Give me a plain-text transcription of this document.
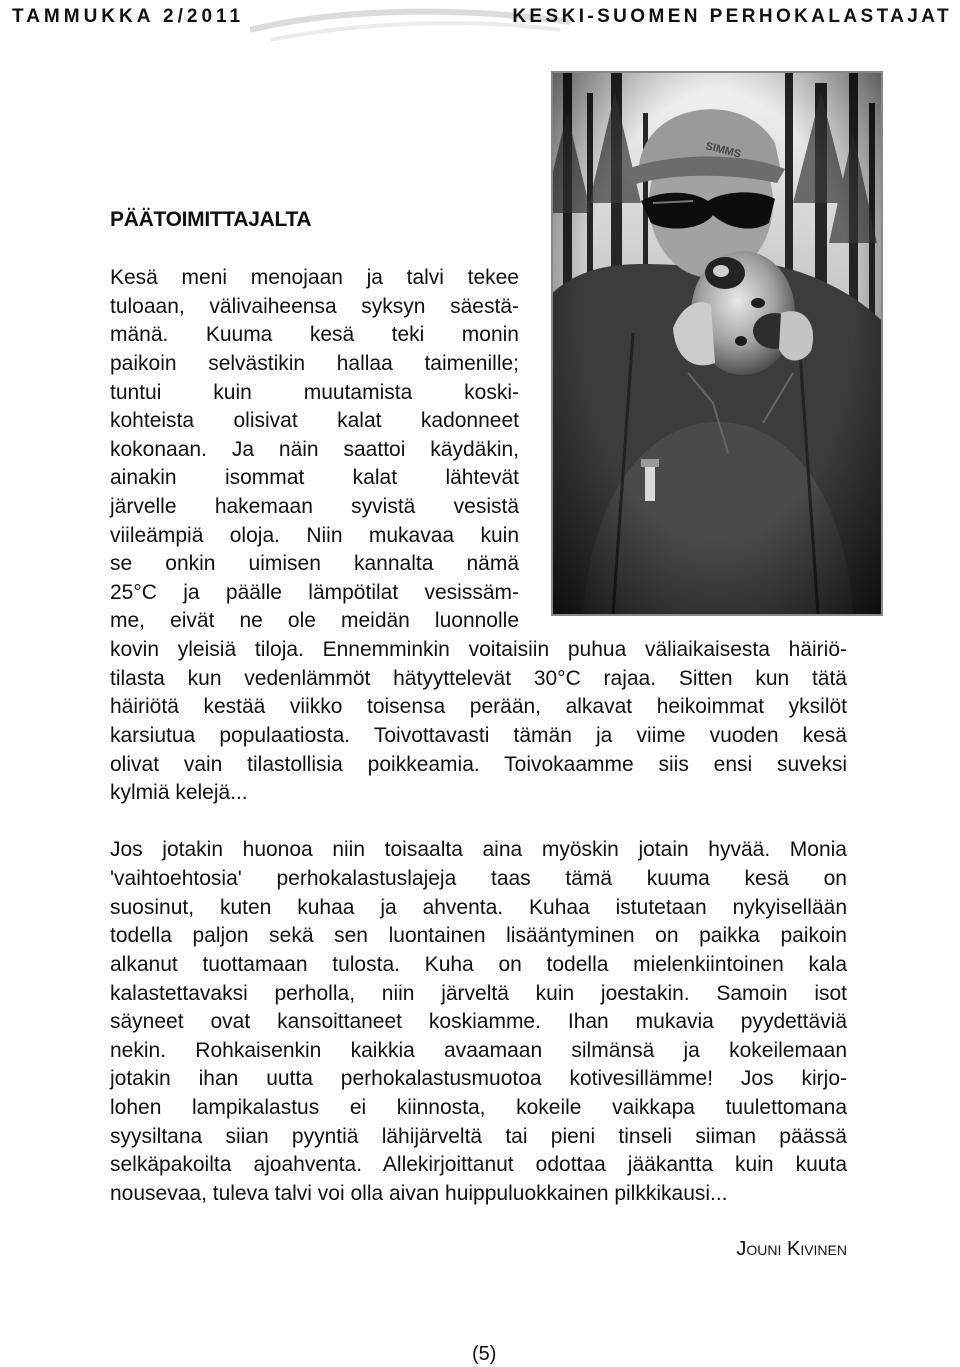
TAMMUKKA 2/2011	KESKI-SUOMEN PERHOKALASTAJAT
PÄÄTOIMITTAJALTA
Kesä meni menojaan ja talvi tekee
tuloaan, välivaiheensa syksyn säestä-
mänä. Kuuma kesä teki monin
paikoin selvästikin hallaa taimenille;
tuntui kuin muutamista koski-
kohteista olisivat kalat kadonneet
kokonaan. Ja näin saattoi käydäkin,
ainakin isommat kalat lähtevät
järvelle hakemaan syvistä vesistä
viileämpiä oloja. Niin mukavaa kuin
se onkin uimisen kannalta nämä
25°C ja päälle lämpötilat vesissäm-
me, eivät ne ole meidän luonnolle
kovin yleisiä tiloja. Ennemminkin voitaisiin puhua väliaikaisesta häiriö-
tilasta kun vedenlämmöt hätyyttelevät 30°C rajaa. Sitten kun tätä
häiriötä kestää viikko toisensa perään, alkavat heikoimmat yksilöt
karsiutua populaatiosta. Toivottavasti tämän ja viime vuoden kesä
olivat vain tilastollisia poikkeamia. Toivokaamme siis ensi suveksi
kylmiä kelejä...
Jos jotakin huonoa niin toisaalta aina myöskin jotain hyvää. Monia
'vaihtoehtosia' perhokalastuslajeja taas tämä kuuma kesä on
suosinut, kuten kuhaa ja ahventa. Kuhaa istutetaan nykyisellään
todella paljon sekä sen luontainen lisääntyminen on paikka paikoin
alkanut tuottamaan tulosta. Kuha on todella mielenkiintoinen kala
kalastettavaksi perholla, niin järveltä kuin joestakin. Samoin isot
säyneet ovat kansoittaneet koskiamme. Ihan mukavia pyydettäviä
nekin. Rohkaisenkin kaikkia avaamaan silmänsä ja kokeilemaan
jotakin ihan uutta perhokalastusmuotoa kotivesillämme! Jos kirjo-
lohen lampikalastus ei kiinnosta, kokeile vaikkapa tuulettomana
syysiltana siian pyyntiä lähijärveltä tai pieni tinseli siiman päässä
selkäpakoilta ajoahventa. Allekirjoittanut odottaa jääkantta kuin kuuta
nousevaa, tuleva talvi voi olla aivan huippuluokkainen pilkkikausi...
Jouni Kivinen
(5)
